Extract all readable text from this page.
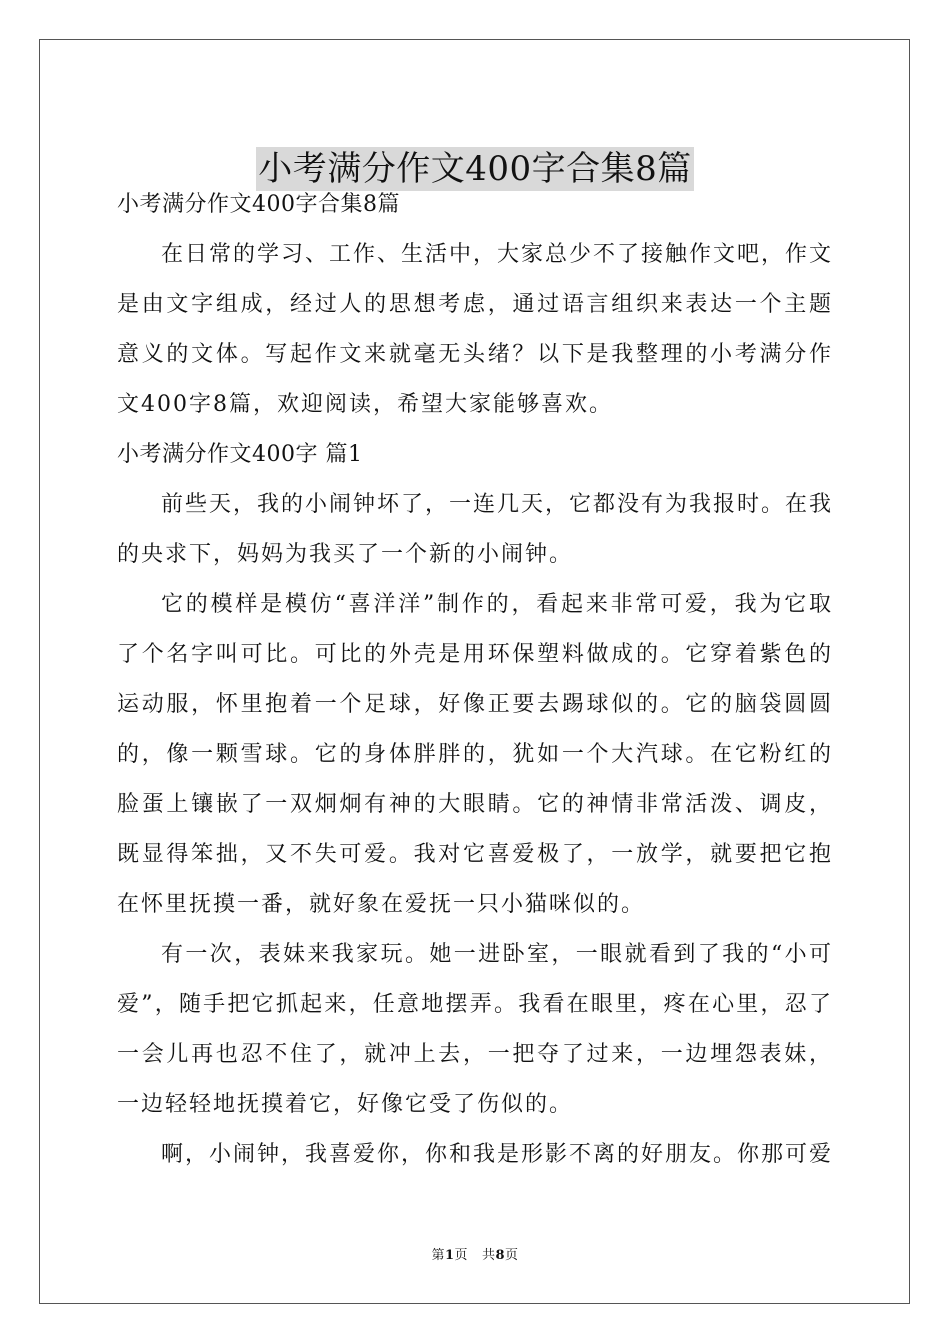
小考满分作文400字合集8篇

小考满分作文400字合集8篇

在日常的学习、工作、生活中，大家总少不了接触作文吧，作文是由文字组成，经过人的思想考虑，通过语言组织来表达一个主题意义的文体。写起作文来就毫无头绪？以下是我整理的小考满分作文400字8篇，欢迎阅读，希望大家能够喜欢。

小考满分作文400字 篇1

前些天，我的小闹钟坏了，一连几天，它都没有为我报时。在我的央求下，妈妈为我买了一个新的小闹钟。

它的模样是模仿“喜洋洋”制作的，看起来非常可爱，我为它取了个名字叫可比。可比的外壳是用环保塑料做成的。它穿着紫色的运动服，怀里抱着一个足球，好像正要去踢球似的。它的脑袋圆圆的，像一颗雪球。它的身体胖胖的，犹如一个大汽球。在它粉红的脸蛋上镶嵌了一双炯炯有神的大眼睛。它的神情非常活泼、调皮，既显得笨拙，又不失可爱。我对它喜爱极了，一放学，就要把它抱在怀里抚摸一番，就好象在爱抚一只小猫咪似的。

有一次，表妹来我家玩。她一进卧室，一眼就看到了我的“小可爱”，随手把它抓起来，任意地摆弄。我看在眼里，疼在心里，忍了一会儿再也忍不住了，就冲上去，一把夺了过来，一边埋怨表妹，一边轻轻地抚摸着它，好像它受了伤似的。

啊，小闹钟，我喜爱你，你和我是形影不离的好朋友。你那可爱

第1页 共8页
